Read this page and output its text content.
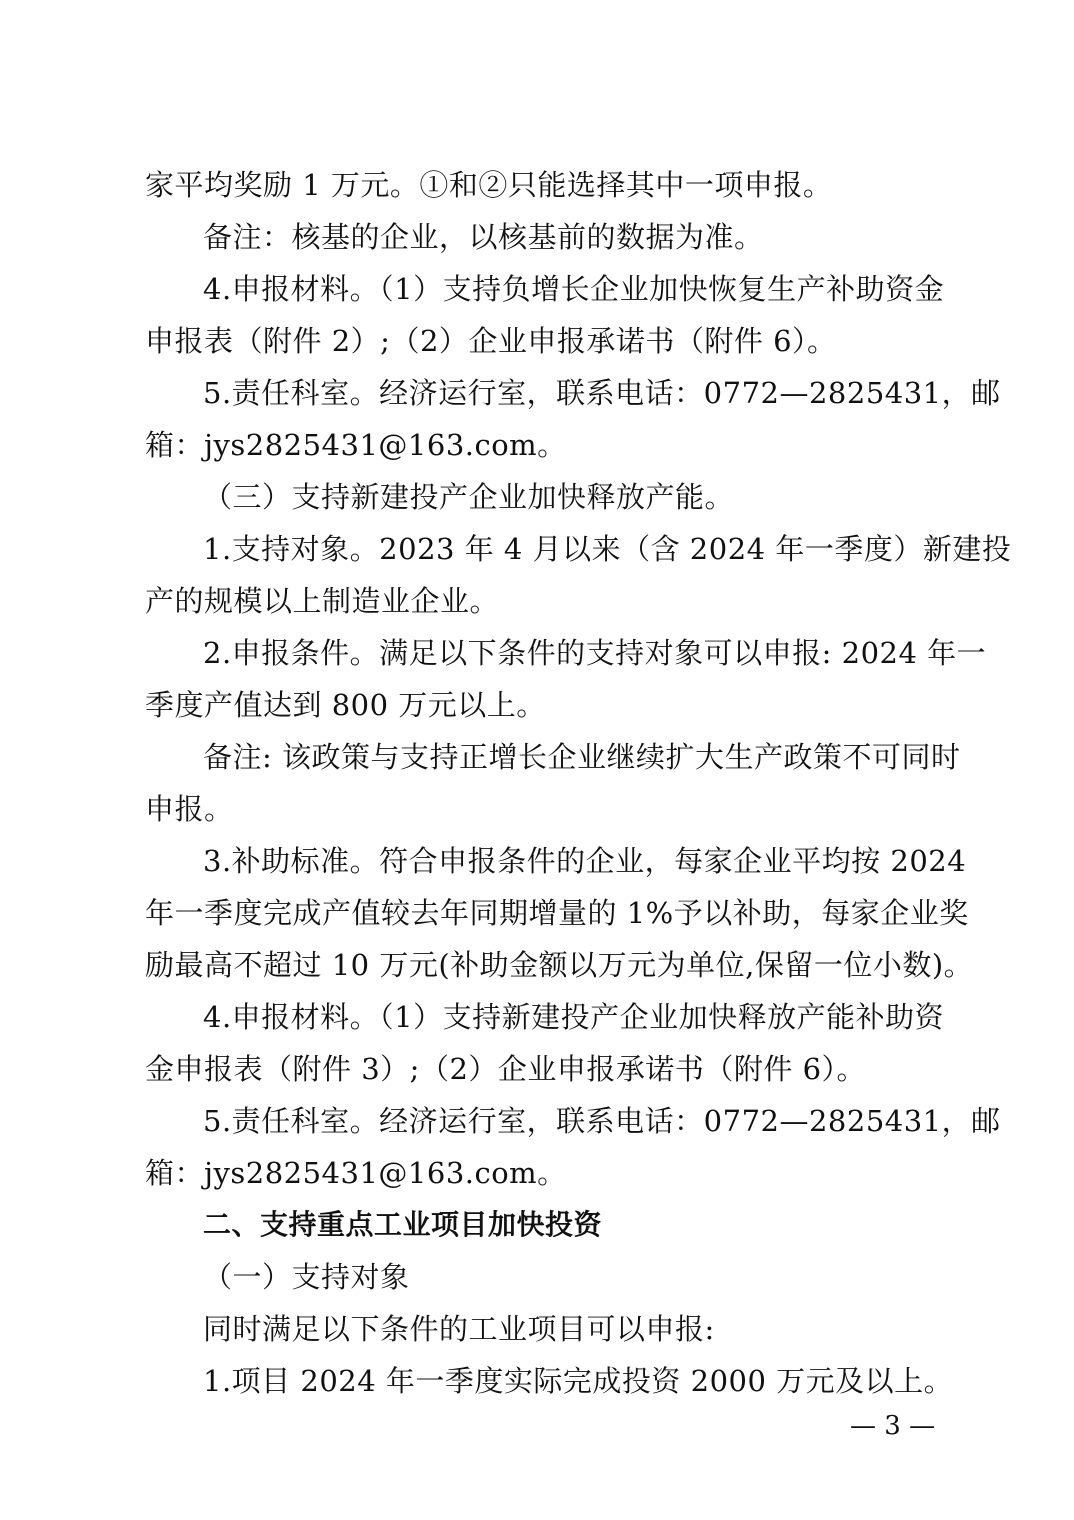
家平均奖励 1 万元。①和②只能选择其中一项申报。
备注：核基的企业，以核基前的数据为准。
4.申报材料。（1）支持负增长企业加快恢复生产补助资金
申报表（附件 2）;（2）企业申报承诺书（附件 6）。
5.责任科室。经济运行室，联系电话：0772—2825431，邮
箱：jys2825431@163.com。
（三）支持新建投产企业加快释放产能。
1.支持对象。2023 年 4 月以来（含 2024 年一季度）新建投
产的规模以上制造业企业。
2.申报条件。满足以下条件的支持对象可以申报: 2024 年一
季度产值达到 800 万元以上。
备注: 该政策与支持正增长企业继续扩大生产政策不可同时
申报。
3.补助标准。符合申报条件的企业，每家企业平均按 2024
年一季度完成产值较去年同期增量的 1%予以补助，每家企业奖
励最高不超过 10 万元(补助金额以万元为单位,保留一位小数)。
4.申报材料。（1）支持新建投产企业加快释放产能补助资
金申报表（附件 3）;（2）企业申报承诺书（附件 6）。
5.责任科室。经济运行室，联系电话：0772—2825431，邮
箱：jys2825431@163.com。
二、支持重点工业项目加快投资
（一）支持对象
同时满足以下条件的工业项目可以申报:
1.项目 2024 年一季度实际完成投资 2000 万元及以上。
— 3 —
